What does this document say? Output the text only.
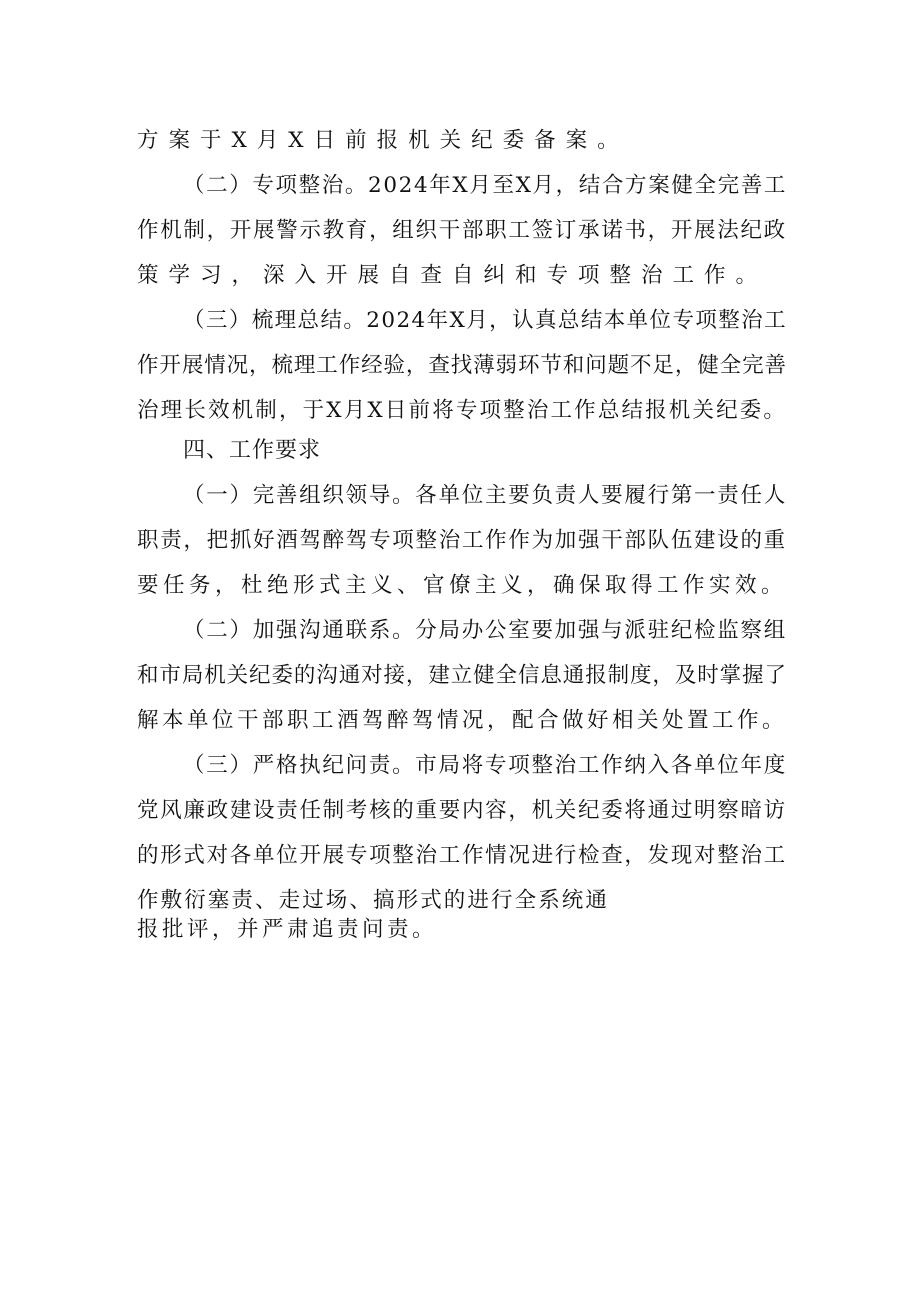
方案于X月X日前报机关纪委备案。
（二）专项整治。2024年X月至X月，结合方案健全完善工
作机制，开展警示教育，组织干部职工签订承诺书，开展法纪政
策学习，深入开展自查自纠和专项整治工作。
（三）梳理总结。2024年X月，认真总结本单位专项整治工
作开展情况，梳理工作经验，查找薄弱环节和问题不足，健全完善
治理长效机制，于X月X日前将专项整治工作总结报机关纪委。
四、工作要求
（一）完善组织领导。各单位主要负责人要履行第一责任人
职责，把抓好酒驾醉驾专项整治工作作为加强干部队伍建设的重
要任务，杜绝形式主义、官僚主义，确保取得工作实效。
（二）加强沟通联系。分局办公室要加强与派驻纪检监察组
和市局机关纪委的沟通对接，建立健全信息通报制度，及时掌握了
解本单位干部职工酒驾醉驾情况，配合做好相关处置工作。
（三）严格执纪问责。市局将专项整治工作纳入各单位年度
党风廉政建设责任制考核的重要内容，机关纪委将通过明察暗访
的形式对各单位开展专项整治工作情况进行检查，发现对整治工
作敷衍塞责、走过场、搞形式的进行全系统通
报批评，并严肃追责问责。
